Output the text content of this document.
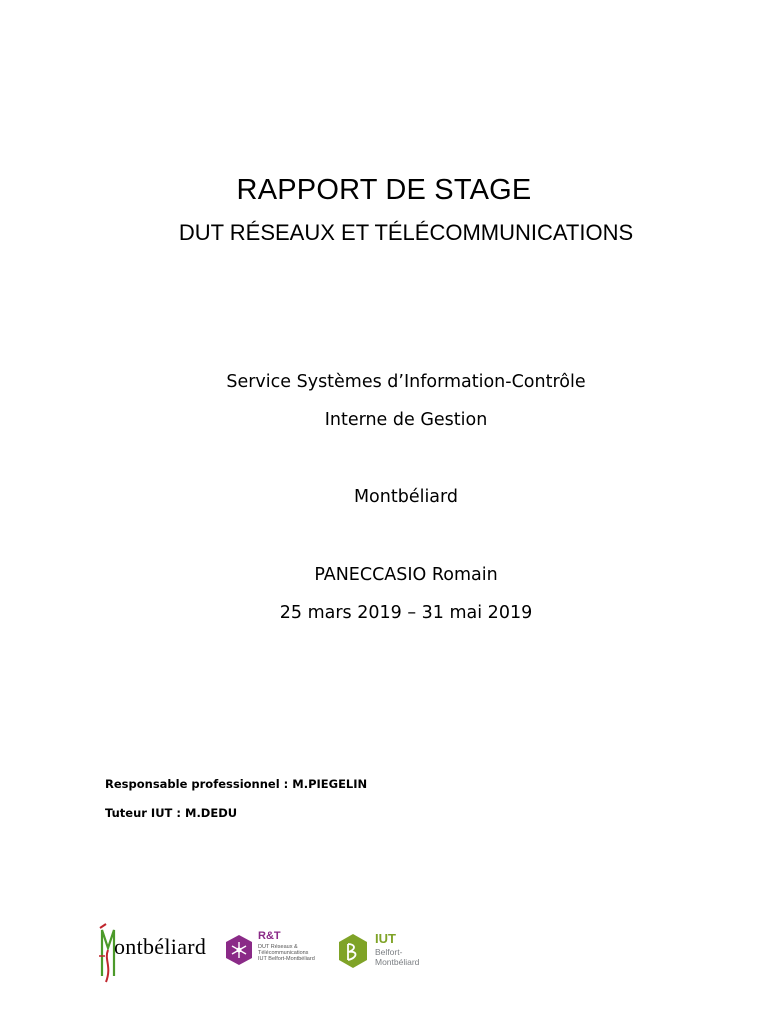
RAPPORT DE STAGE
DUT RÉSEAUX ET TÉLÉCOMMUNICATIONS
Service Systèmes d’Information-Contrôle
Interne de Gestion
Montbéliard
PANECCASIO Romain
25 mars 2019 – 31 mai 2019
Responsable professionnel : M.PIEGELIN
Tuteur IUT : M.DEDU
ontbéliard	R&T
DUT Réseaux & Télécommunications IUT Belfort-Montbéliard
IUT
Belfort-
Montbéliard
